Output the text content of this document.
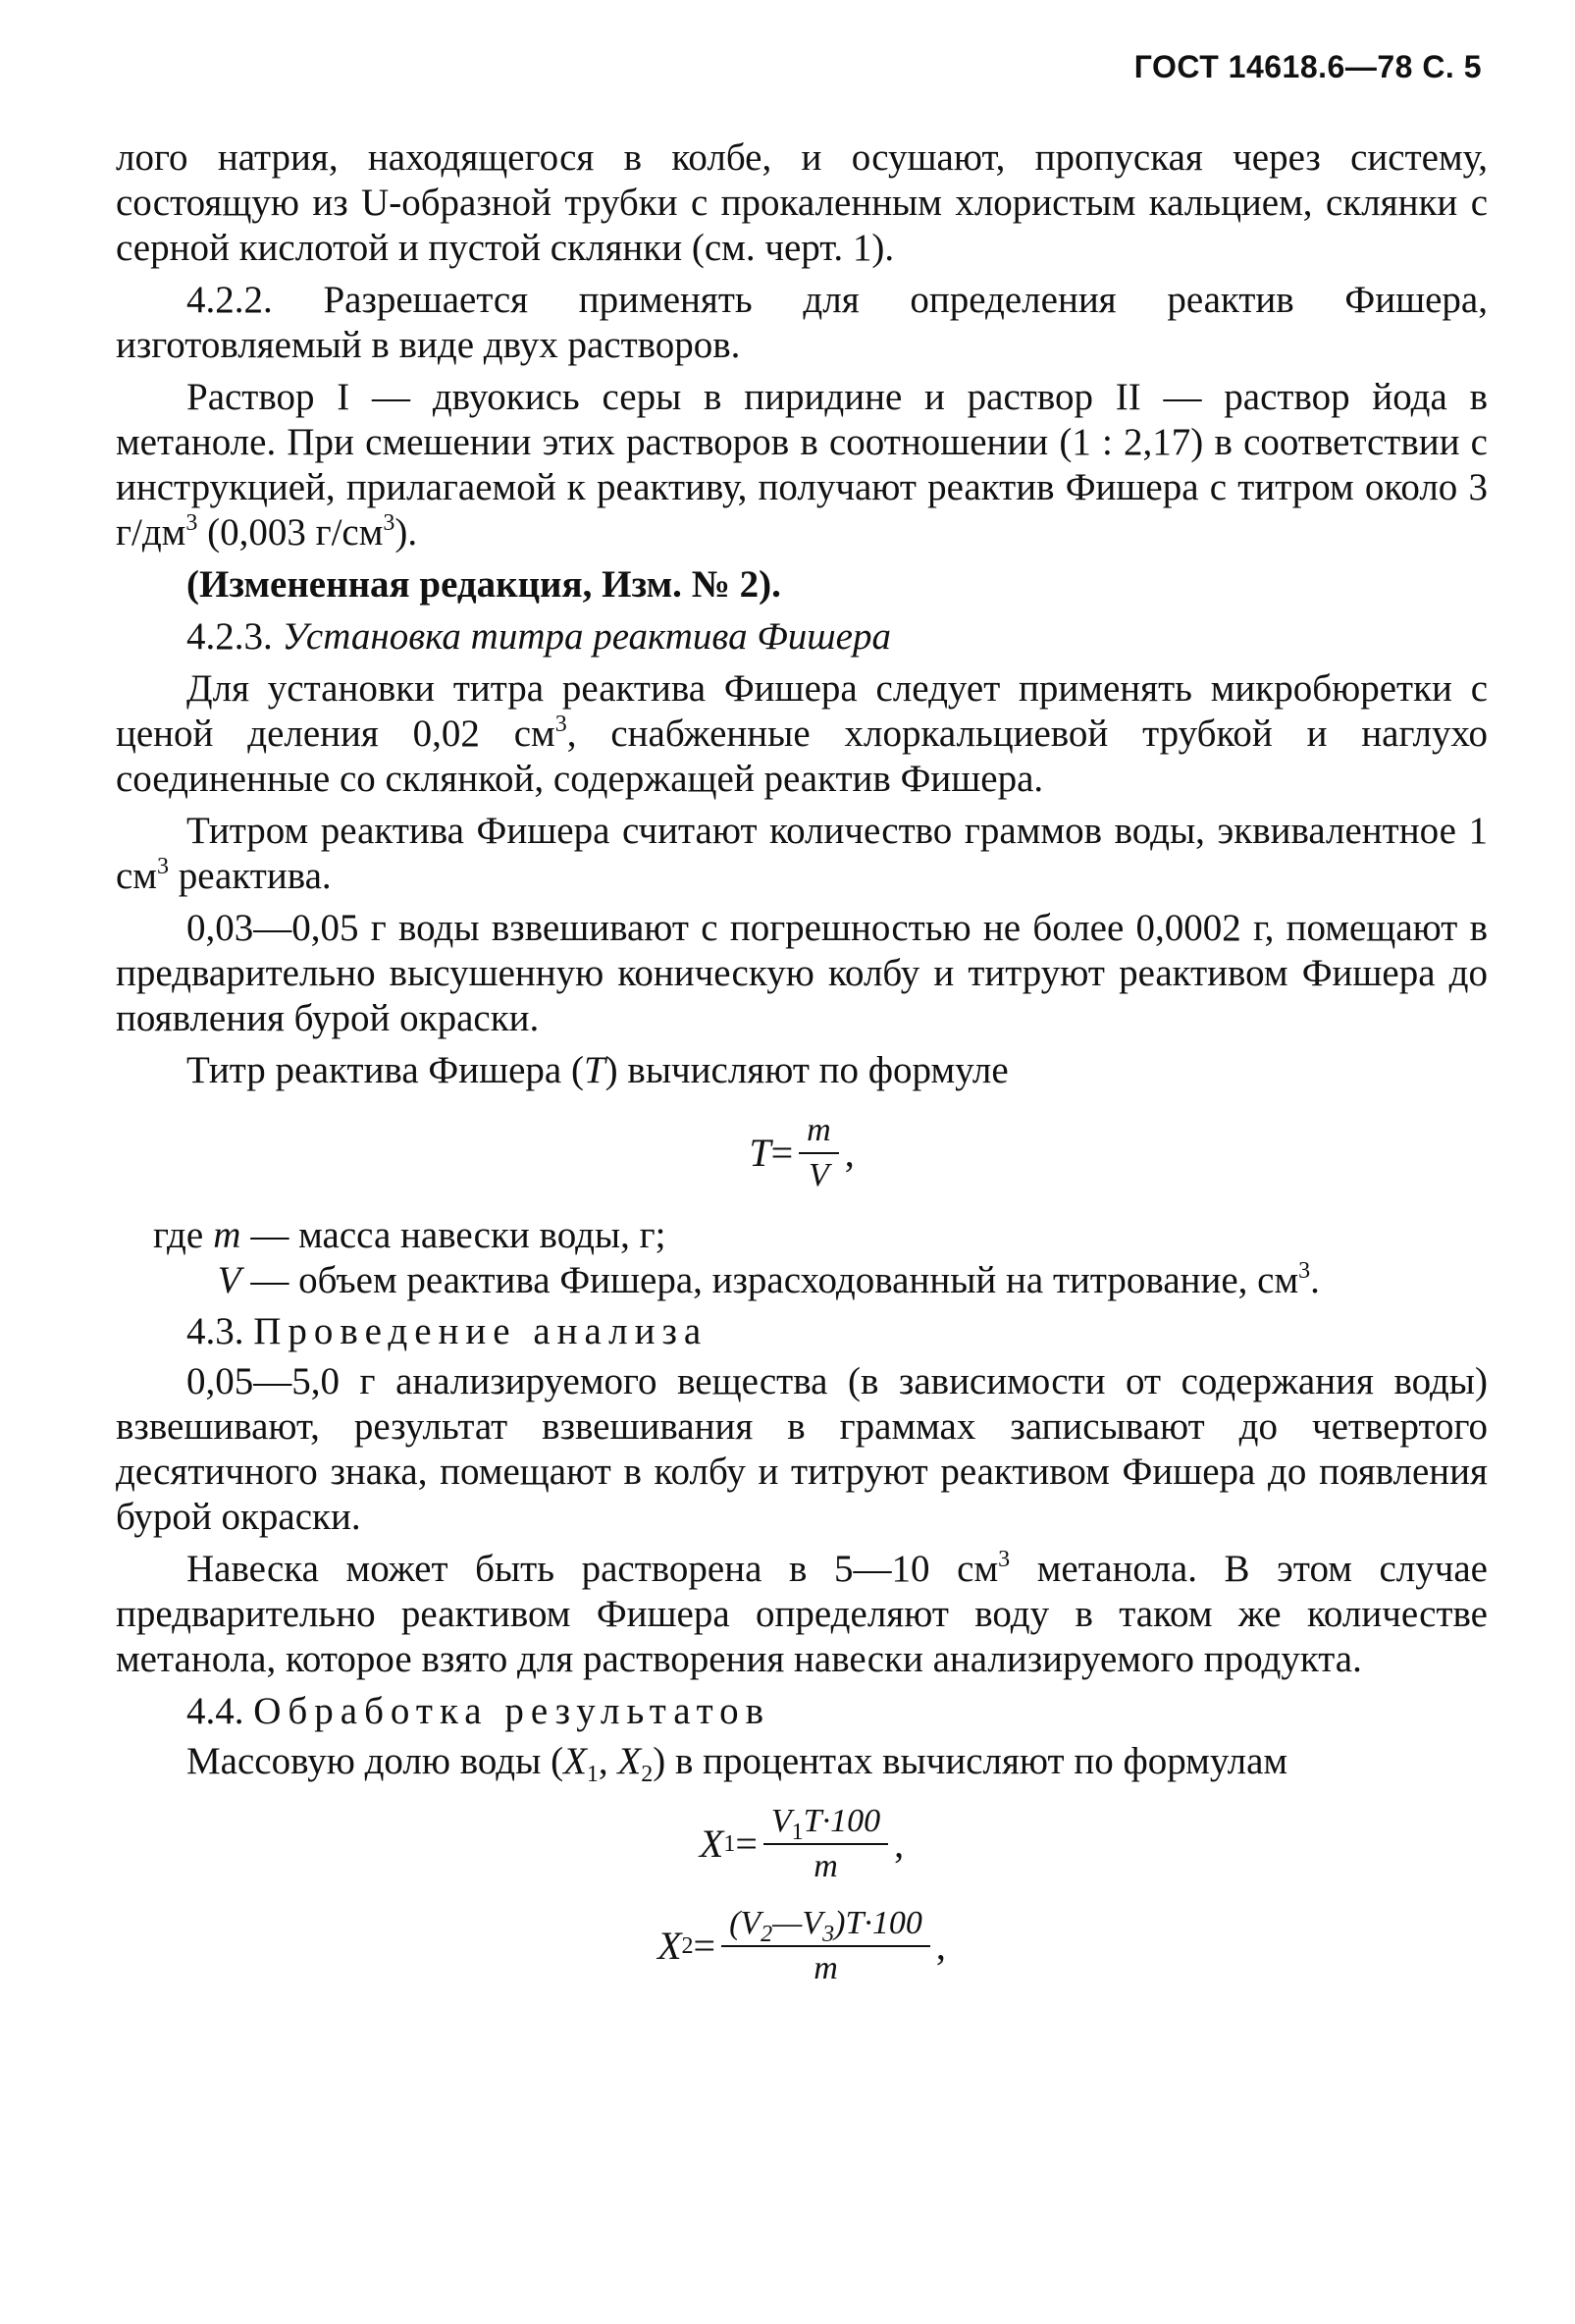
ГОСТ 14618.6—78 С. 5

лого натрия, находящегося в колбе, и осушают, пропуская через систему, состоящую из U-образной трубки с прокаленным хлористым кальцием, склянки с серной кислотой и пустой склянки (см. черт. 1).

4.2.2. Разрешается применять для определения реактив Фишера, изготовляемый в виде двух растворов.

Раствор I — двуокись серы в пиридине и раствор II — раствор йода в метаноле. При смешении этих растворов в соотношении (1 : 2,17) в соответствии с инструкцией, прилагаемой к реактиву, получают реактив Фишера с титром около 3 $г/дм^3$ (0,003 $г/см^3$).

(Измененная редакция, Изм. № 2).

4.2.3. Установка титра реактива Фишера

Для установки титра реактива Фишера следует применять микробюретки с ценой деления 0,02 $см^3$, снабженные хлоркальциевой трубкой и наглухо соединенные со склянкой, содержащей реактив Фишера.

Титром реактива Фишера считают количество граммов воды, эквивалентное 1 $см^3$ реактива.

0,03—0,05 г воды взвешивают с погрешностью не более 0,0002 г, помещают в предварительно высушенную коническую колбу и титруют реактивом Фишера до появления бурой окраски.

Титр реактива Фишера (T) вычисляют по формуле

$T = \frac{m}{V}$ ,
где m — масса навески воды, г;
V — объем реактива Фишера, израсходованный на титрование, $см^3$.

4.3. Проведение анализа

0,05—5,0 г анализируемого вещества (в зависимости от содержания воды) взвешивают, результат взвешивания в граммах записывают до четвертого десятичного знака, помещают в колбу и титруют реактивом Фишера до появления бурой окраски.

Навеска может быть растворена в 5—10 $см^3$ метанола. В этом случае предварительно реактивом Фишера определяют воду в таком же количестве метанола, которое взято для растворения навески анализируемого продукта.

4.4. Обработка результатов

Массовую долю воды ($X_1$, $X_2$) в процентах вычисляют по формулам

X $1 = \frac{V_1T\cdot 100}{m}$ ,
X $2 = \frac{(V_2—V_3)T\cdot 100}{m}$ ,
